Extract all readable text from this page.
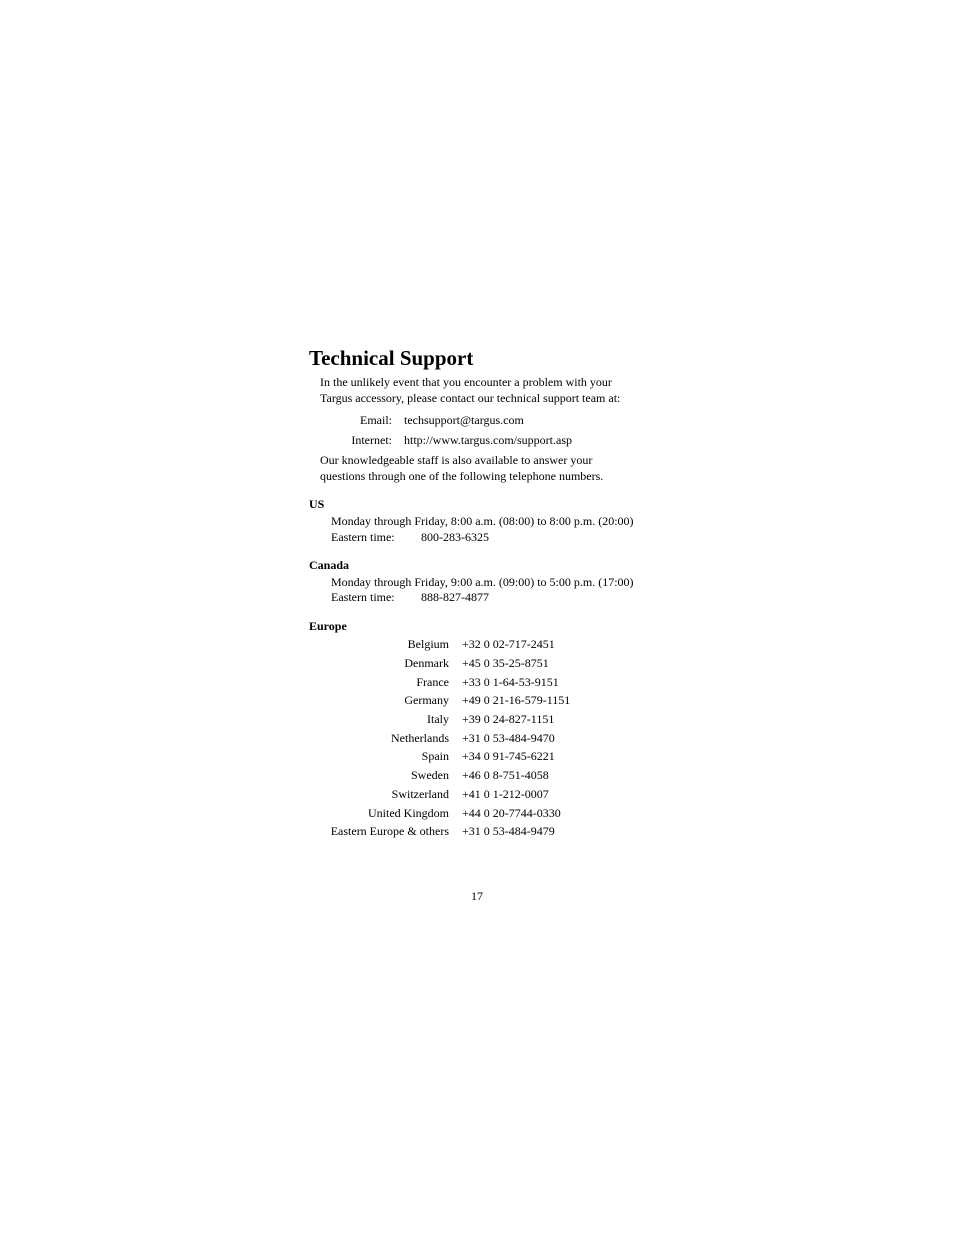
Technical Support
In the unlikely event that you encounter a problem with your
Targus accessory, please contact our technical support team at:
Email: techsupport@targus.com
Internet: http://www.targus.com/support.asp
Our knowledgeable staff is also available to answer your
questions through one of the following telephone numbers.
US
Monday through Friday, 8:00 a.m. (08:00) to 8:00 p.m. (20:00)
Eastern time: 800-283-6325
Canada
Monday through Friday, 9:00 a.m. (09:00) to 5:00 p.m. (17:00)
Eastern time: 888-827-4877
Europe
Belgium +32 0 02-717-2451
Denmark +45 0 35-25-8751
France +33 0 1-64-53-9151
Germany +49 0 21-16-579-1151
Italy +39 0 24-827-1151
Netherlands +31 0 53-484-9470
Spain +34 0 91-745-6221
Sweden +46 0 8-751-4058
Switzerland +41 0 1-212-0007
United Kingdom +44 0 20-7744-0330
Eastern Europe & others +31 0 53-484-9479
17
